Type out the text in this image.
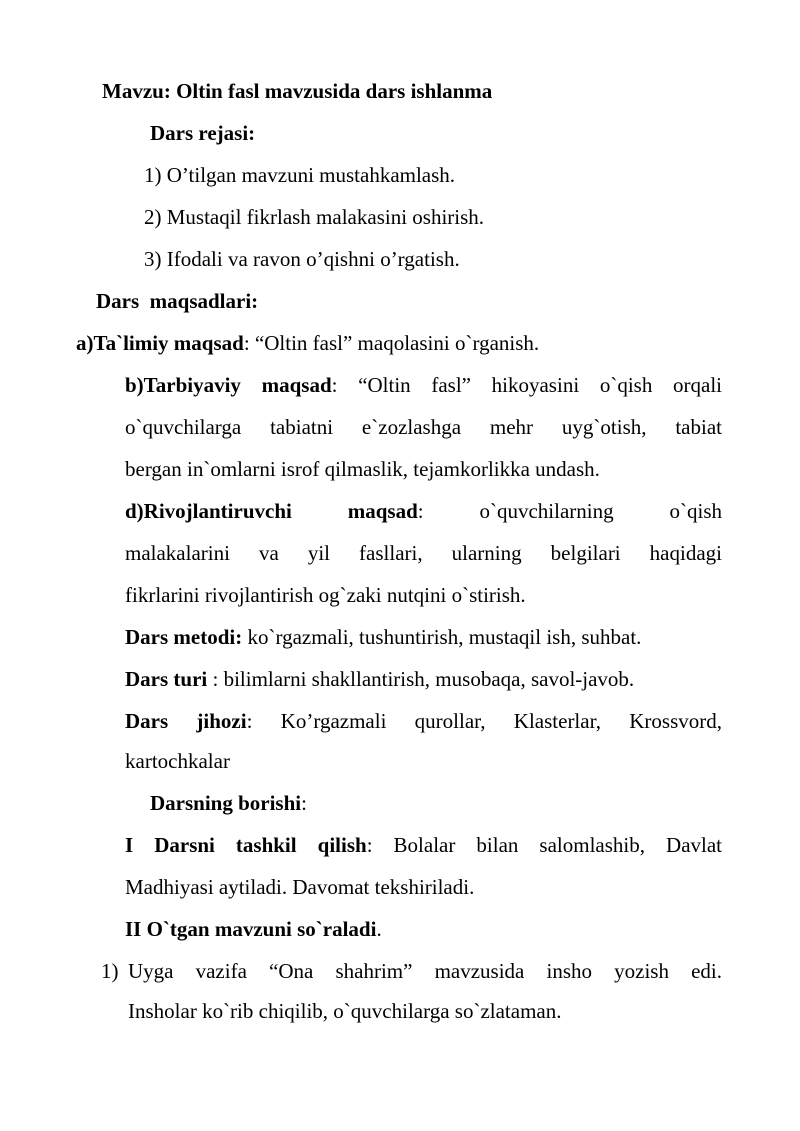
Mavzu: Oltin fasl mavzusida dars ishlanma
Dars rejasi:
1) O’tilgan mavzuni mustahkamlash.
2) Mustaqil fikrlash malakasini oshirish.
3) Ifodali va ravon o’qishni o’rgatish.
Dars  maqsadlari:
a)Ta`limiy maqsad: “Oltin fasl” maqolasini o`rganish.
b)Tarbiyaviy maqsad: “Oltin fasl” hikoyasini o`qish orqali
o`quvchilarga tabiatni e`zozlashga mehr uyg`otish, tabiat
bergan in`omlarni isrof qilmaslik, tejamkorlikka undash.
d)Rivojlantiruvchi maqsad: o`quvchilarning o`qish
malakalarini va yil fasllari, ularning belgilari haqidagi
fikrlarini rivojlantirish og`zaki nutqini o`stirish.
Dars metodi: ko`rgazmali, tushuntirish, mustaqil ish, suhbat.
Dars turi : bilimlarni shakllantirish, musobaqa, savol-javob.
Dars jihozi: Ko’rgazmali qurollar, Klasterlar, Krossvord,
kartochkalar
Darsning borishi:
I Darsni tashkil qilish: Bolalar bilan salomlashib, Davlat
Madhiyasi aytiladi. Davomat tekshiriladi.
II O`tgan mavzuni so`raladi.
1) Uyga vazifa “Ona shahrim” mavzusida insho yozish edi.
Insholar ko`rib chiqilib, o`quvchilarga so`zlataman.
